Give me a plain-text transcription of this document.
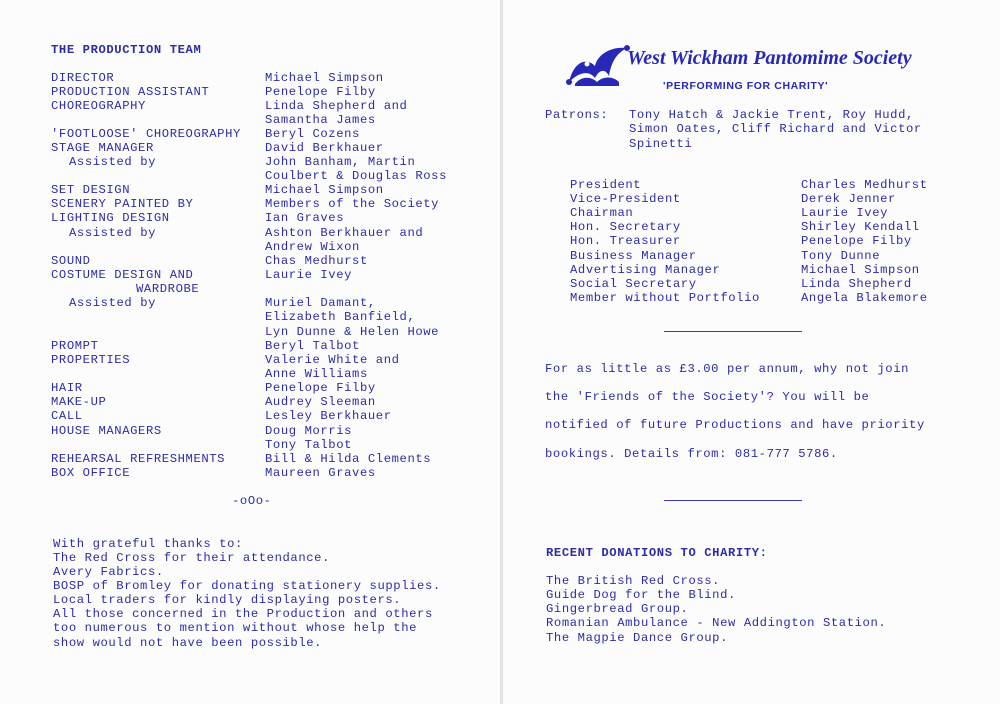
THE PRODUCTION TEAM
DIRECTOR
PRODUCTION ASSISTANT
CHOREOGRAPHY
'FOOTLOOSE' CHOREOGRAPHY
STAGE MANAGER
Assisted by
SET DESIGN
SCENERY PAINTED BY
LIGHTING DESIGN
Assisted by
SOUND
COSTUME DESIGN AND
WARDROBE
Assisted by
PROMPT
PROPERTIES
HAIR
MAKE-UP
CALL
HOUSE MANAGERS
REHEARSAL REFRESHMENTS
BOX OFFICE
Michael Simpson
Penelope Filby
Linda Shepherd and
Samantha James
Beryl Cozens
David Berkhauer
John Banham, Martin
Coulbert & Douglas Ross
Michael Simpson
Members of the Society
Ian Graves
Ashton Berkhauer and
Andrew Wixon
Chas Medhurst
Laurie Ivey
Muriel Damant,
Elizabeth Banfield,
Lyn Dunne & Helen Howe
Beryl Talbot
Valerie White and
Anne Williams
Penelope Filby
Audrey Sleeman
Lesley Berkhauer
Doug Morris
Tony Talbot
Bill & Hilda Clements
Maureen Graves
-oOo-
With grateful thanks to:
The Red Cross for their attendance.
Avery Fabrics.
BOSP of Bromley for donating stationery supplies.
Local traders for kindly displaying posters.
All those concerned in the Production and others
too numerous to mention without whose help the
show would not have been possible.
West Wickham Pantomime Society
'PERFORMING FOR CHARITY'
Patrons: Tony Hatch & Jackie Trent, Roy Hudd,
Simon Oates, Cliff Richard and Victor
Spinetti
President
Vice-President
Chairman
Hon. Secretary
Hon. Treasurer
Business Manager
Advertising Manager
Social Secretary
Member without Portfolio
Charles Medhurst
Derek Jenner
Laurie Ivey
Shirley Kendall
Penelope Filby
Tony Dunne
Michael Simpson
Linda Shepherd
Angela Blakemore
For as little as £3.00 per annum, why not join
the 'Friends of the Society'? You will be
notified of future Productions and have priority
bookings. Details from: 081-777 5786.
RECENT DONATIONS TO CHARITY:
The British Red Cross.
Guide Dog for the Blind.
Gingerbread Group.
Romanian Ambulance - New Addington Station.
The Magpie Dance Group.
